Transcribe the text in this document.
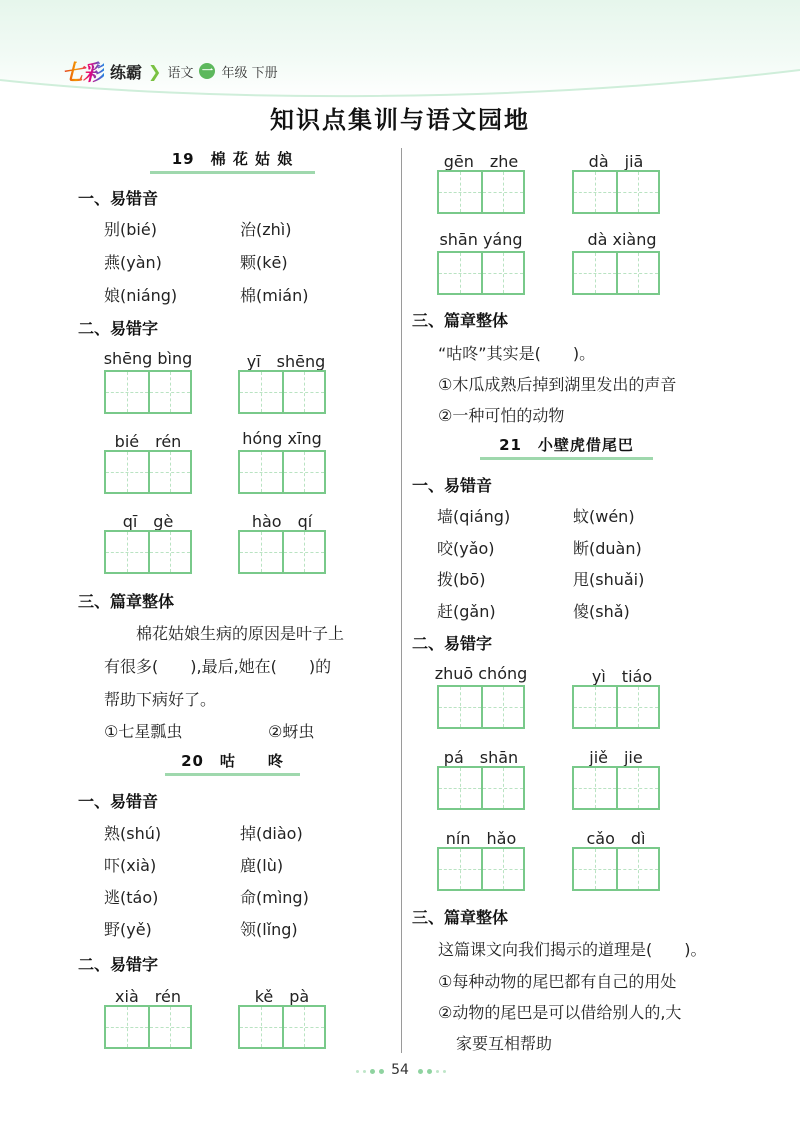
七彩 练霸 ❯ 语文 一 年级 下册
知识点集训与语文园地
19　棉 花 姑 娘
一、易错音
别(bié)	治(zhì)
燕(yàn)	颗(kē)
娘(niáng)	棉(mián)
二、易错字
shēng bìng	yī　shēng
bié　rén	hóng xīng
qī　gè	hào　qí
三、篇章整体
　　棉花姑娘生病的原因是叶子上
有很多(　　),最后,她在(　　)的
帮助下病好了。
①七星瓢虫	②蚜虫
20　咕　　咚
一、易错音
熟(shú)	掉(diào)
吓(xià)	鹿(lù)
逃(táo)	命(mìng)
野(yě)	领(lǐng)
二、易错字
xià　rén	kě　pà
gēn　zhe	dà　jiā
shān yáng	dà xiàng
三、篇章整体
“咕咚”其实是(　　)。
①木瓜成熟后掉到湖里发出的声音
②一种可怕的动物
21　小壁虎借尾巴
一、易错音
墙(qiáng)	蚊(wén)
咬(yǎo)	断(duàn)
拨(bō)	甩(shuǎi)
赶(gǎn)	傻(shǎ)
二、易错字
zhuō chóng	yì　tiáo
pá　shān	jiě　jie
nín　hǎo	cǎo　dì
三、篇章整体
这篇课文向我们揭示的道理是(　　)。
①每种动物的尾巴都有自己的用处
②动物的尾巴是可以借给别人的,大
家要互相帮助
54
